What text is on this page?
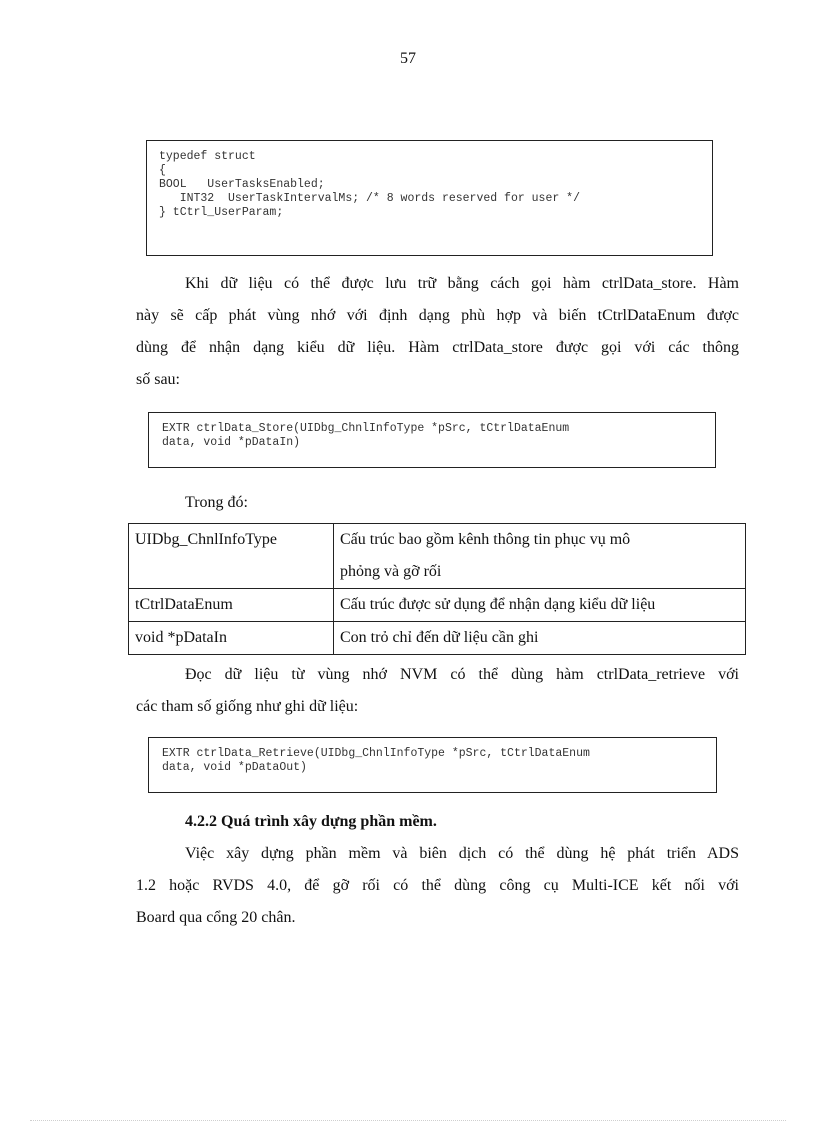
57
typedef struct
{
BOOL   UserTasksEnabled;
INT32  UserTaskIntervalMs; /* 8 words reserved for user */
} tCtrl_UserParam;
Khi dữ liệu có thể được lưu trữ bằng cách gọi hàm ctrlData_store. Hàm
này sẽ cấp phát vùng nhớ với định dạng phù hợp và biến tCtrlDataEnum được
dùng để nhận dạng kiểu dữ liệu. Hàm ctrlData_store được gọi với các thông
số sau:
EXTR ctrlData_Store(UIDbg_ChnlInfoType *pSrc, tCtrlDataEnum
data, void *pDataIn)
Trong đó:
UIDbg_ChnlInfoType	Cấu trúc bao gồm kênh thông tin phục vụ mô
phỏng và gỡ rối

tCtrlDataEnum	Cấu trúc được sử dụng để nhận dạng kiểu dữ liệu

void *pDataIn	Con trỏ chỉ đến dữ liệu cần ghi
Đọc dữ liệu từ vùng nhớ NVM có thể dùng hàm ctrlData_retrieve với
các tham số giống như ghi dữ liệu:
EXTR ctrlData_Retrieve(UIDbg_ChnlInfoType *pSrc, tCtrlDataEnum
data, void *pDataOut)
4.2.2 Quá trình xây dựng phần mềm.
Việc xây dựng phần mềm và biên dịch có thể dùng hệ phát triển ADS
1.2 hoặc RVDS 4.0, để gỡ rối có thể dùng công cụ Multi-ICE kết nối với
Board qua cổng 20 chân.
